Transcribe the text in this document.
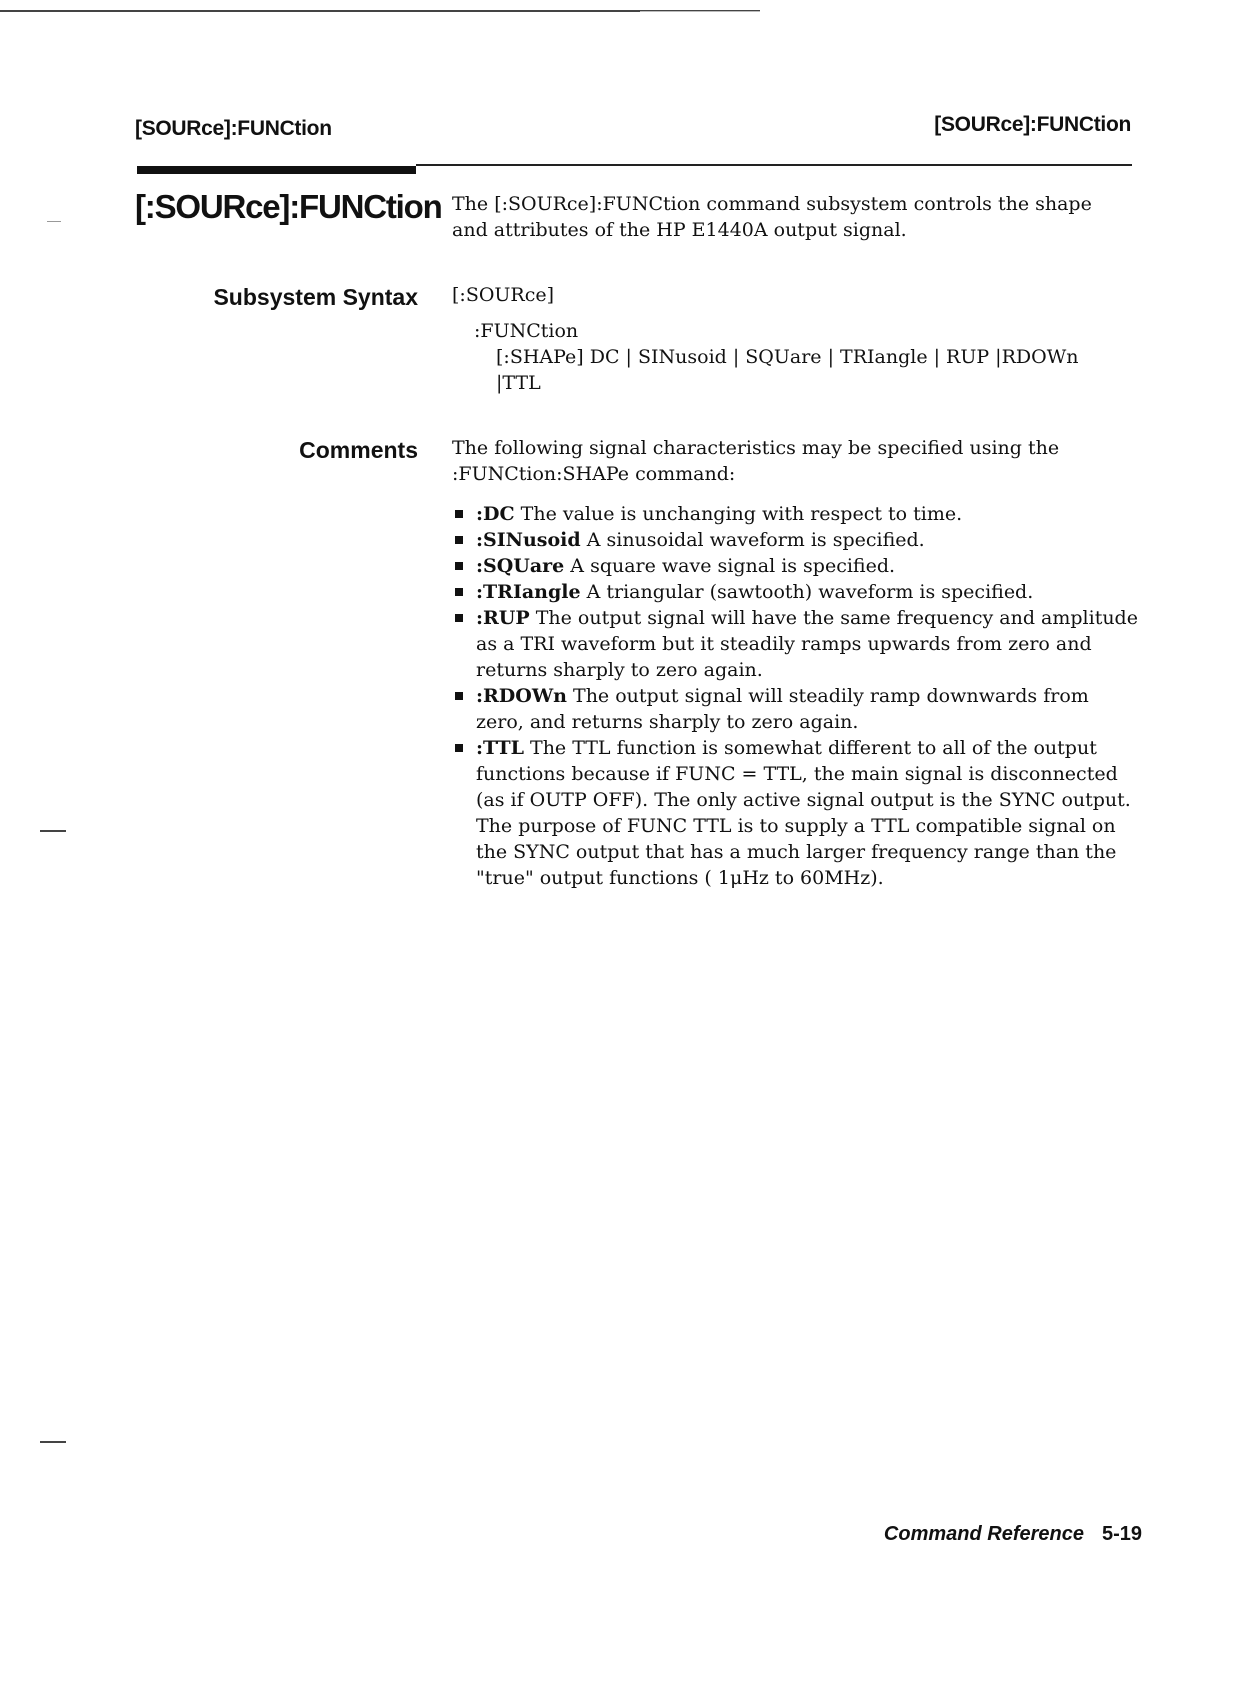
[SOURce]:FUNCtion	[SOURce]:FUNCtion
[:SOURce]:FUNCtion The [:SOURce]:FUNCtion command subsystem controls the shape and attributes of the HP E1440A output signal.
Subsystem Syntax [:SOURce]
:FUNCtion
[:SHAPe] DC | SINusoid | SQUare | TRIangle | RUP |RDOWn
|TTL
Comments The following signal characteristics may be specified using the :FUNCtion:SHAPe command:
:DC The value is unchanging with respect to time.
:SINusoid A sinusoidal waveform is specified.
:SQUare A square wave signal is specified.
:TRIangle A triangular (sawtooth) waveform is specified.
:RUP The output signal will have the same frequency and amplitude as a TRI waveform but it steadily ramps upwards from zero and returns sharply to zero again.
:RDOWn The output signal will steadily ramp downwards from zero, and returns sharply to zero again.
:TTL The TTL function is somewhat different to all of the output functions because if FUNC = TTL, the main signal is disconnected (as if OUTP OFF). The only active signal output is the SYNC output. The purpose of FUNC TTL is to supply a TTL compatible signal on the SYNC output that has a much larger frequency range than the "true" output functions ( 1μHz to 60MHz).
Command Reference 5-19
